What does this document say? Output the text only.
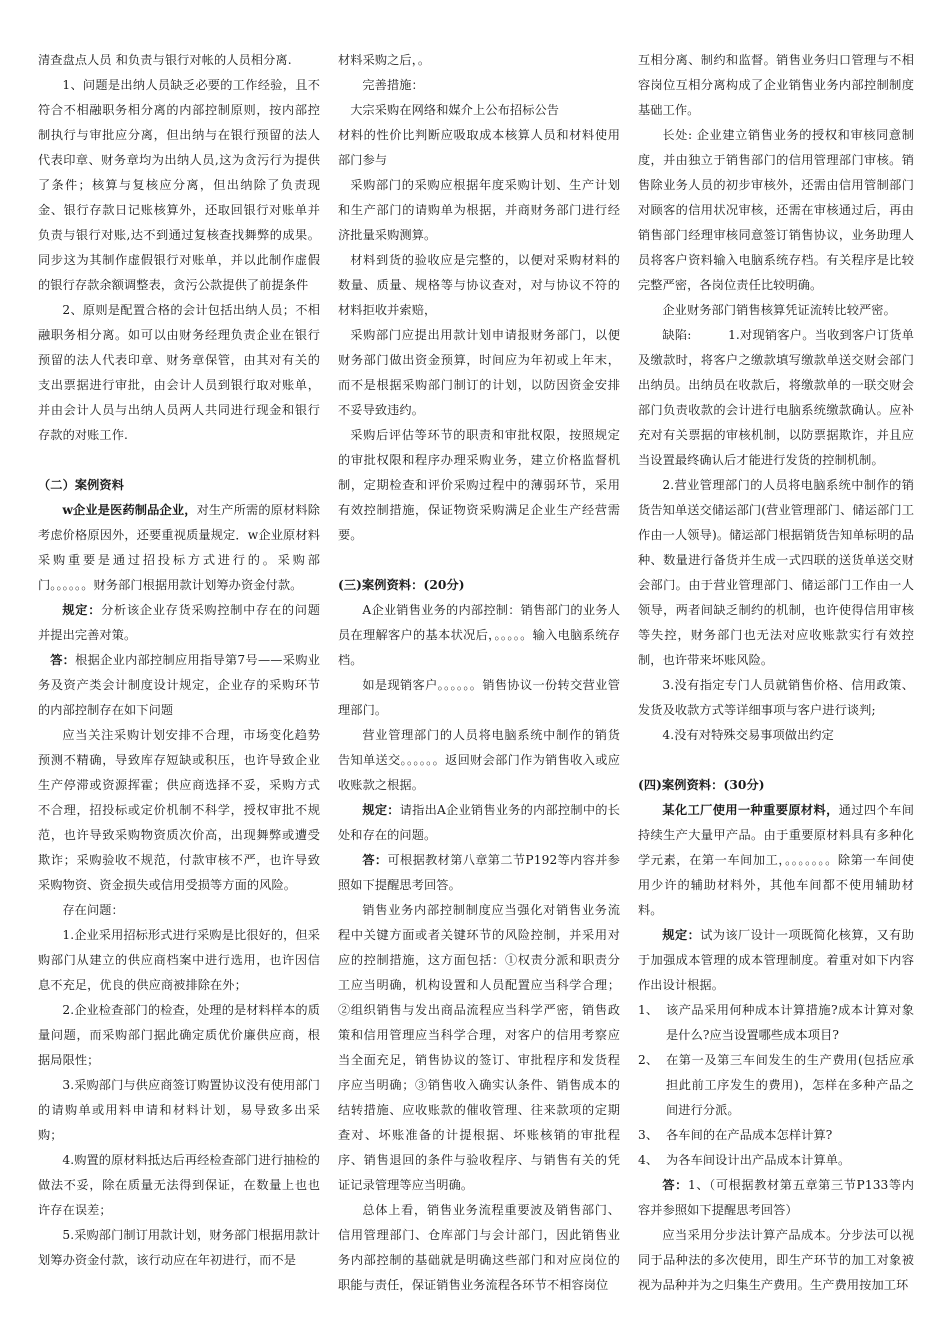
清查盘点人员 和负责与银行对帐的人员相分离.

1、问题是出纳人员缺乏必要的工作经验，且不符合不相融职务相分离的内部控制原则，按内部控制执行与审批应分离，但出纳与在银行预留的法人代表印章、财务章均为出纳人员,这为贪污行为提供了条件；核算与复核应分离，但出纳除了负责现金、银行存款日记账核算外，还取回银行对账单并负责与银行对账,达不到通过复核查找舞弊的成果。同步这为其制作虚假银行对账单，并以此制作虚假的银行存款余额调整表，贪污公款提供了前提条件

2、原则是配置合格的会计包括出纳人员；不相融职务相分离。如可以由财务经理负责企业在银行预留的法人代表印章、财务章保管，由其对有关的支出票据进行审批，由会计人员到银行取对账单，并由会计人员与出纳人员两人共同进行现金和银行存款的对账工作.

（二）案例资料

w企业是医药制品企业，对生产所需的原材料除考虑价格原因外，还要重视质量规定．w企业原材料采购重要是通过招投标方式进行的。采购部门。。。。。。财务部门根据用款计划筹办资金付款。

规定：分析该企业存货采购控制中存在的问题并提出完善对策。

答：根据企业内部控制应用指导第7号——采购业务及资产类会计制度设计规定，企业存的采购环节的内部控制存在如下问题

应当关注采购计划安排不合理，市场变化趋势预测不精确，导致库存短缺或积压，也许导致企业生产停滞或资源挥霍；供应商选择不妥，采购方式不合理，招投标或定价机制不科学，授权审批不规范，也许导致采购物资质次价高，出现舞弊或遭受欺诈；采购验收不规范，付款审核不严，也许导致采购物资、资金损失或信用受损等方面的风险。

存在问题：

1.企业采用招标形式进行采购是比很好的，但采购部门从建立的供应商档案中进行选用，也许因信息不充足，优良的供应商被排除在外；

2.企业检查部门的检查，处理的是材料样本的质量问题，而采购部门据此确定质优价廉供应商，根据局限性；

3.采购部门与供应商签订购置协议没有使用部门的请购单或用料申请和材料计划，易导致多出采购；

4.购置的原材料抵达后再经检查部门进行抽检的做法不妥，除在质量无法得到保证，在数量上也也许存在误差；

5.采购部门制订用款计划，财务部门根据用款计划筹办资金付款，该行动应在年初进行，而不是

材料采购之后，。

完善措施：

大宗采购在网络和媒介上公布招标公告

材料的性价比判断应吸取成本核算人员和材料使用部门参与

采购部门的采购应根据年度采购计划、生产计划和生产部门的请购单为根据，并商财务部门进行经济批量采购测算。

材料到货的验收应是完整的，以便对采购材料的数量、质量、规格等与协议查对，对与协议不符的材料拒收并索赔，

采购部门应提出用款计划申请报财务部门，以便财务部门做出资金预算，时间应为年初或上年末，而不是根据采购部门制订的计划，以防因资金安排不妥导致违约。

采购后评估等环节的职责和审批权限，按照规定的审批权限和程序办理采购业务，建立价格监督机制，定期检查和评价采购过程中的薄弱环节，采用有效控制措施，保证物资采购满足企业生产经营需要。

(三)案例资料：(20分)

A企业销售业务的内部控制：销售部门的业务人员在理解客户的基本状况后，。。。。。输入电脑系统存档。

如是现销客户。。。。。。销售协议一份转交营业管理部门。

营业管理部门的人员将电脑系统中制作的销货告知单送交。。。。。。返回财会部门作为销售收入或应收账款之根据。

规定：请指出A企业销售业务的内部控制中的长处和存在的问题。

答：可根据教材第八章第二节P192等内容并参照如下提醒思考回答。

销售业务内部控制制度应当强化对销售业务流程中关键方面或者关键环节的风险控制，并采用对应的控制措施，这方面包括：①权责分派和职责分工应当明确，机构设置和人员配置应当科学合理；②组织销售与发出商品流程应当科学严密，销售政策和信用管理应当科学合理，对客户的信用考察应当全面充足，销售协议的签订、审批程序和发货程序应当明确；③销售收入确实认条件、销售成本的结转措施、应收账款的催收管理、往来款项的定期查对、坏账准备的计提根据、坏账核销的审批程序、销售退回的条件与验收程序、与销售有关的凭证记录管理等应当明确。

总体上看，销售业务流程重要波及销售部门、信用管理部门、仓库部门与会计部门，因此销售业务内部控制的基础就是明确这些部门和对应岗位的职能与责任，保证销售业务流程各环节不相容岗位

互相分离、制约和监督。销售业务归口管理与不相容岗位互相分离构成了企业销售业务内部控制制度基础工作。

长处: 企业建立销售业务的授权和审核同意制度，并由独立于销售部门的信用管理部门审核。销售除业务人员的初步审核外，还需由信用管制部门对顾客的信用状况审核，还需在审核通过后，再由销售部门经理审核同意签订销售协议，业务助理人员将客户资料输入电脑系统存档。有关程序是比较完整严密，各岗位责任比较明确。

企业财务部门销售核算凭证流转比较严密。

缺陷:	1.对现销客户。当收到客户订货单及缴款时，将客户之缴款填写缴款单送交财会部门出纳员。出纳员在收款后，将缴款单的一联交财会部门负责收款的会计进行电脑系统缴款确认。应补充对有关票据的审核机制，以防票据欺诈，并且应当设置最终确认后才能进行发货的控制机制。

2.营业管理部门的人员将电脑系统中制作的销货告知单送交储运部门(营业管理部门、储运部门工作由一人领导)。储运部门根据销货告知单标明的品种、数量进行备货并生成一式四联的送货单送交财会部门。由于营业管理部门、储运部门工作由一人领导，两者间缺乏制约的机制，也许使得信用审核等失控，财务部门也无法对应收账款实行有效控制，也许带来坏账风险。

3.没有指定专门人员就销售价格、信用政策、发货及收款方式等详细事项与客户进行谈判;

4.没有对特殊交易事项做出约定

(四)案例资料：(30分)

某化工厂使用一种重要原材料，通过四个车间持续生产大量甲产品。由于重要原材料具有多种化学元素，在第一车间加工，。。。。。。。除第一车间使用少许的辅助材料外，其他车间都不使用辅助材料。

规定：试为该厂设计一项既简化核算，又有助于加强成本管理的成本管理制度。着重对如下内容作出设计根据。

1、 该产品采用何种成本计算措施?成本计算对象是什么?应当设置哪些成本项目?
2、 在第一及第三车间发生的生产费用(包括应承担此前工序发生的费用)，怎样在多种产品之间进行分派。
3、 各车间的在产品成本怎样计算?
4、 为各车间设计出产品成本计算单。

答：1、（可根据教材第五章第三节P133等内容并参照如下提醒思考回答）

应当采用分步法计算产品成本。分步法可以视同于品种法的多次使用，即生产环节的加工对象被视为品种并为之归集生产费用。生产费用按加工环
